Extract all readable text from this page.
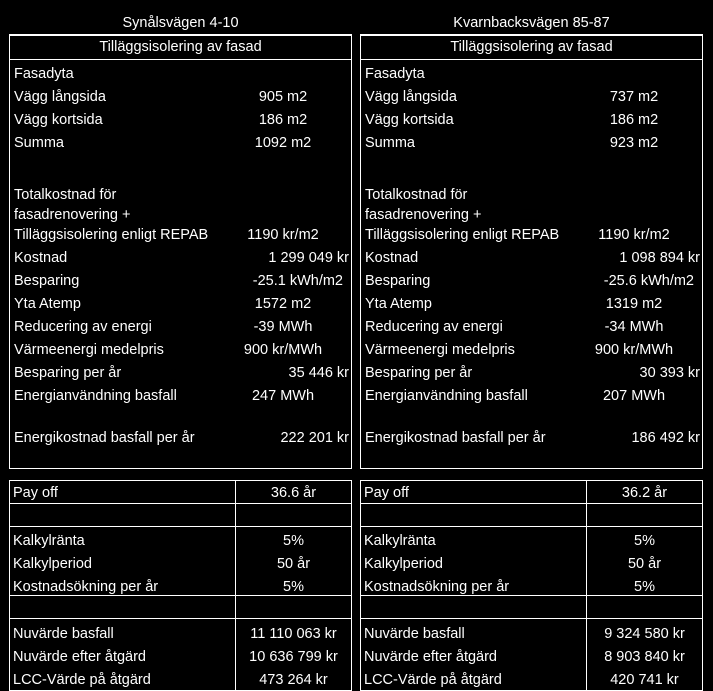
Synålsvägen 4-10
Tilläggsisolering av fasad
Fasadyta
Vägg långsida	905 m2
Vägg kortsida	186 m2
Summa	1092 m2
Totalkostnad för
fasadrenovering +
Tilläggsisolering enligt REPAB	1190 kr/m2
Kostnad	1 299 049 kr
Besparing	-25.1 kWh/m2
Yta Atemp	1572 m2
Reducering av energi	-39 MWh
Värmeenergi medelpris	900 kr/MWh
Besparing per år	35 446 kr
Energianvändning basfall	247 MWh
Energikostnad basfall per år	222 201 kr
Pay off	36.6 år
Kalkylränta	5%
Kalkylperiod	50 år
Kostnadsökning per år	5%
Nuvärde basfall	11 110 063 kr
Nuvärde efter åtgärd	10 636 799 kr
LCC-Värde på åtgärd	473 264 kr
Kvarnbacksvägen 85-87
Tilläggsisolering av fasad
Fasadyta
Vägg långsida	737 m2
Vägg kortsida	186 m2
Summa	923 m2
Totalkostnad för
fasadrenovering +
Tilläggsisolering enligt REPAB	1190 kr/m2
Kostnad	1 098 894 kr
Besparing	-25.6 kWh/m2
Yta Atemp	1319 m2
Reducering av energi	-34 MWh
Värmeenergi medelpris	900 kr/MWh
Besparing per år	30 393 kr
Energianvändning basfall	207 MWh
Energikostnad basfall per år	186 492 kr
Pay off	36.2 år
Kalkylränta	5%
Kalkylperiod	50 år
Kostnadsökning per år	5%
Nuvärde basfall	9 324 580 kr
Nuvärde efter åtgärd	8 903 840 kr
LCC-Värde på åtgärd	420 741 kr
